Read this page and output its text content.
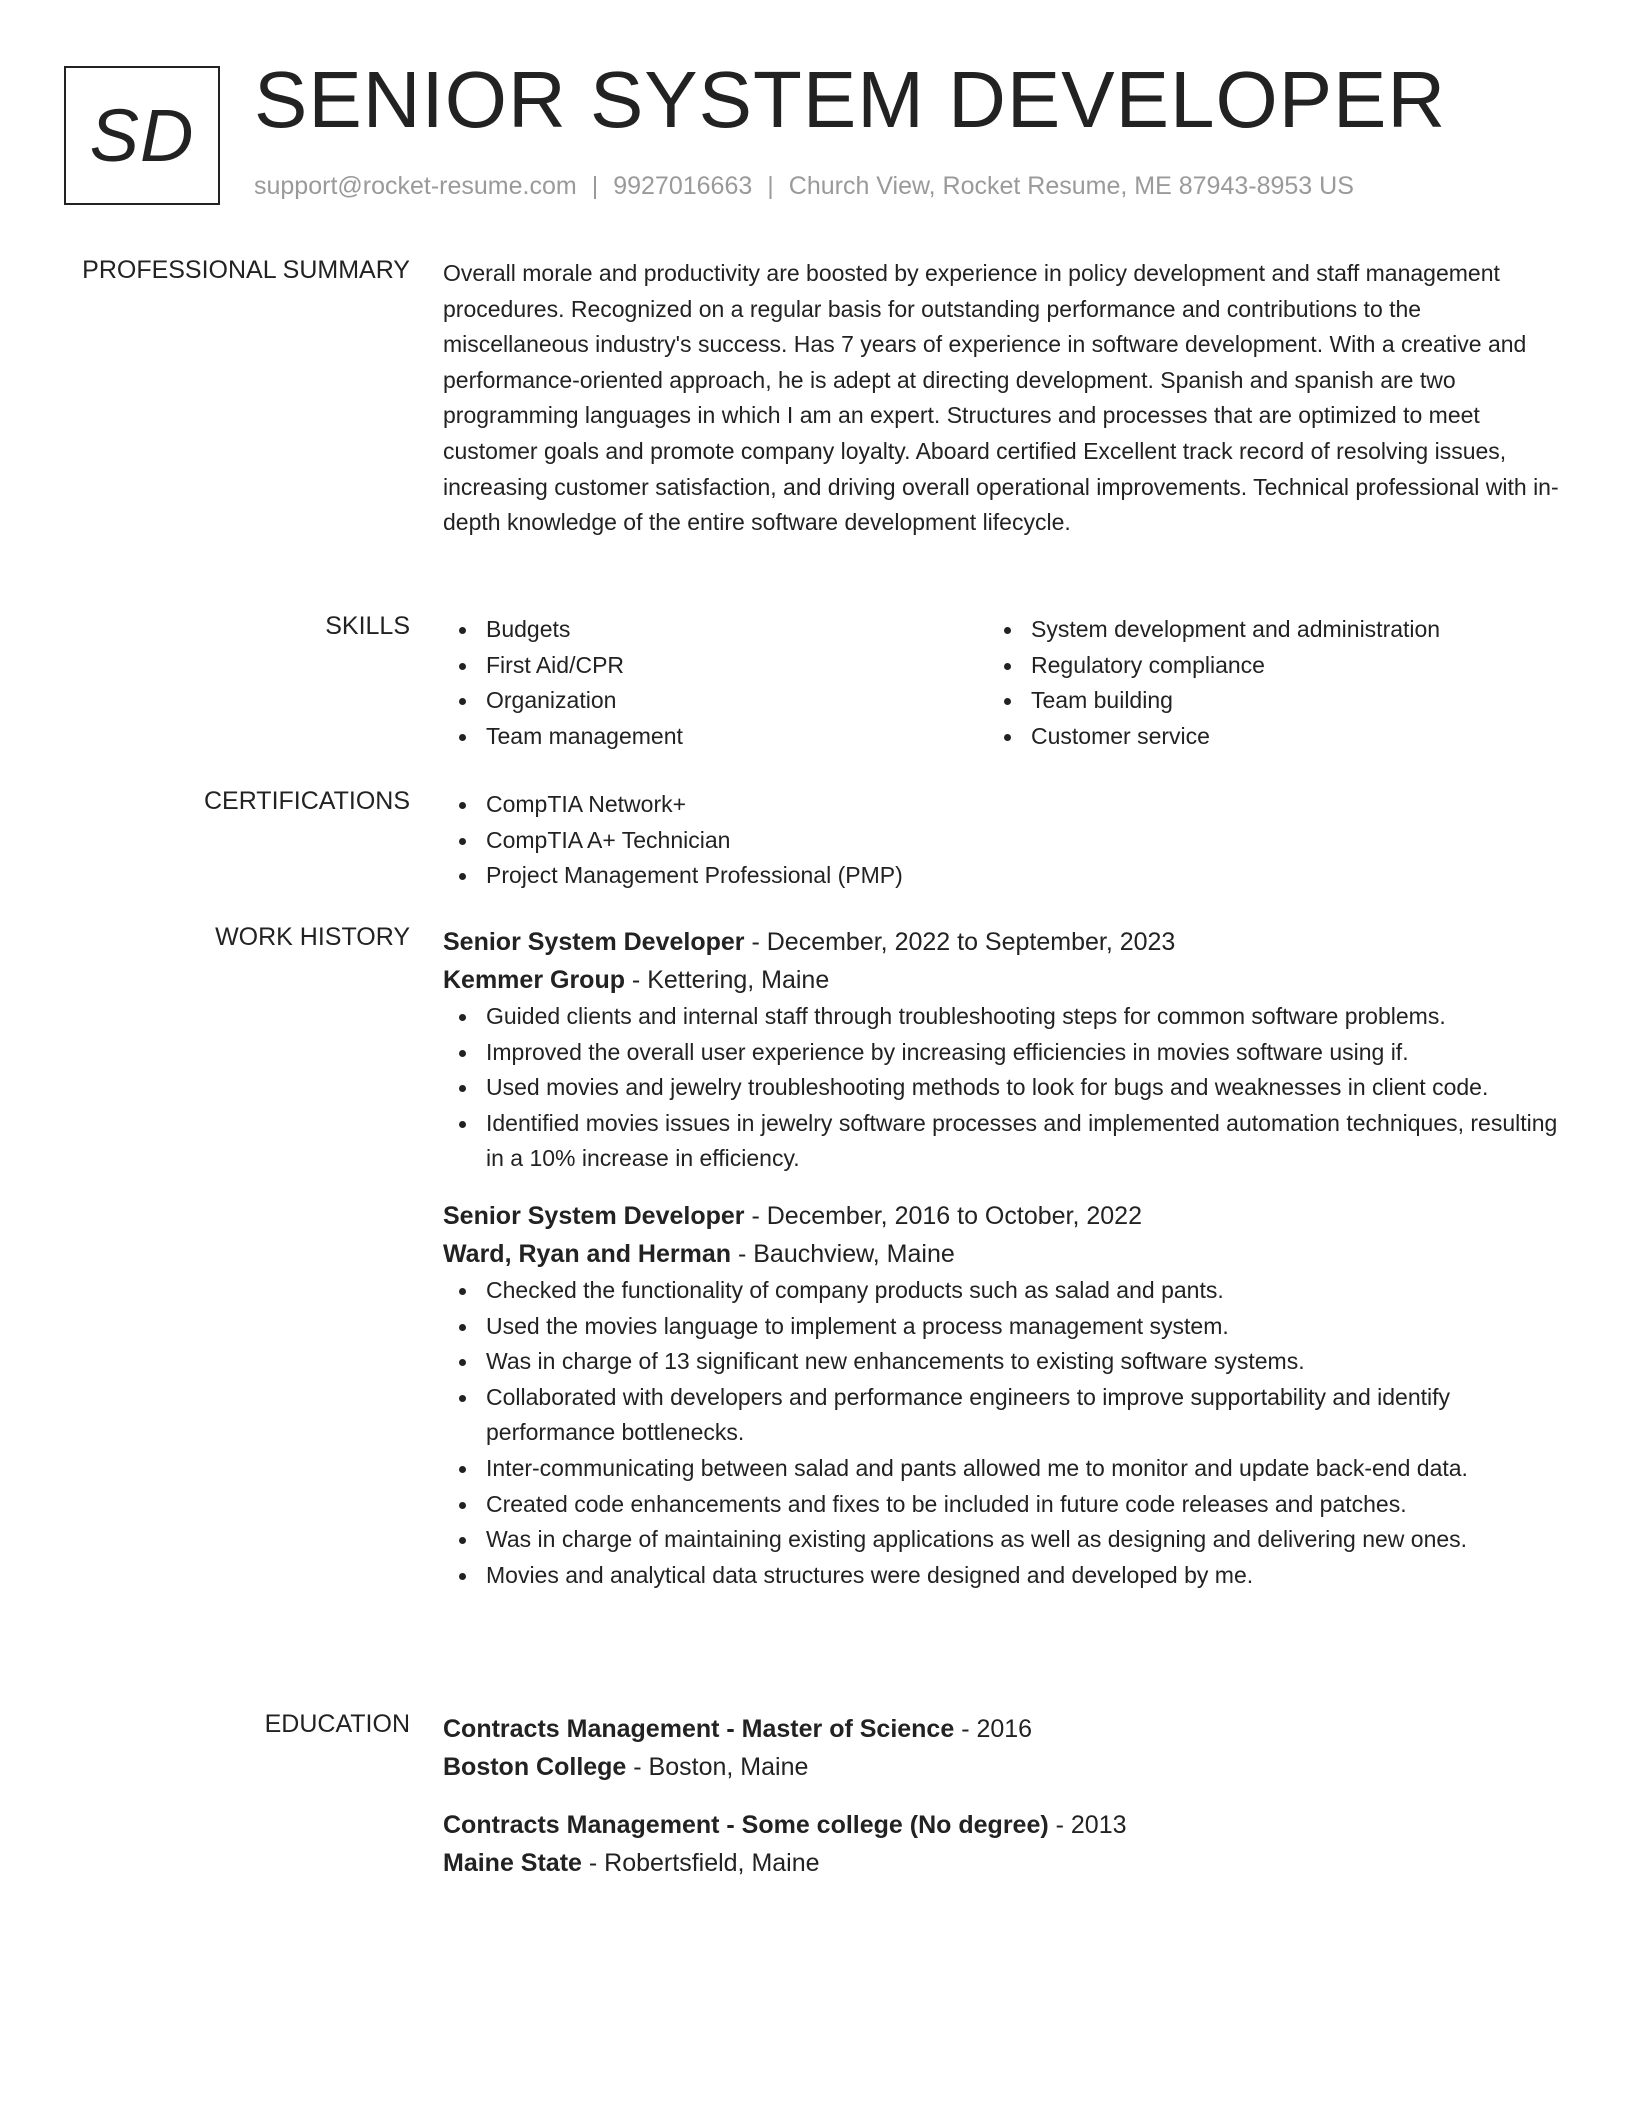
SD SENIOR SYSTEM DEVELOPER
support@rocket-resume.com | 9927016663 | Church View, Rocket Resume, ME 87943-8953 US
PROFESSIONAL SUMMARY Overall morale and productivity are boosted by experience in policy development and staff management procedures. Recognized on a regular basis for outstanding performance and contributions to the miscellaneous industry's success. Has 7 years of experience in software development. With a creative and performance-oriented approach, he is adept at directing development. Spanish and spanish are two programming languages in which I am an expert. Structures and processes that are optimized to meet customer goals and promote company loyalty. Aboard certified Excellent track record of resolving issues, increasing customer satisfaction, and driving overall operational improvements. Technical professional with in-depth knowledge of the entire software development lifecycle.

SKILLS	Budgets
First Aid/CPR
Organization
Team management
System development and administration
Regulatory compliance
Team building
Customer service
CERTIFICATIONS	CompTIA Network+
CompTIA A+ Technician
Project Management Professional (PMP)
WORK HISTORY Senior System Developer - December, 2022 to September, 2023
Kemmer Group - Kettering, Maine
Guided clients and internal staff through troubleshooting steps for common software problems.
Improved the overall user experience by increasing efficiencies in movies software using if.
Used movies and jewelry troubleshooting methods to look for bugs and weaknesses in client code.
Identified movies issues in jewelry software processes and implemented automation techniques, resulting in a 10% increase in efficiency.
Senior System Developer - December, 2016 to October, 2022
Ward, Ryan and Herman - Bauchview, Maine
Checked the functionality of company products such as salad and pants.
Used the movies language to implement a process management system.
Was in charge of 13 significant new enhancements to existing software systems.
Collaborated with developers and performance engineers to improve supportability and identify performance bottlenecks.
Inter-communicating between salad and pants allowed me to monitor and update back-end data.
Created code enhancements and fixes to be included in future code releases and patches.
Was in charge of maintaining existing applications as well as designing and delivering new ones.
Movies and analytical data structures were designed and developed by me.
EDUCATION Contracts Management - Master of Science - 2016
Boston College - Boston, Maine
Contracts Management - Some college (No degree) - 2013
Maine State - Robertsfield, Maine
